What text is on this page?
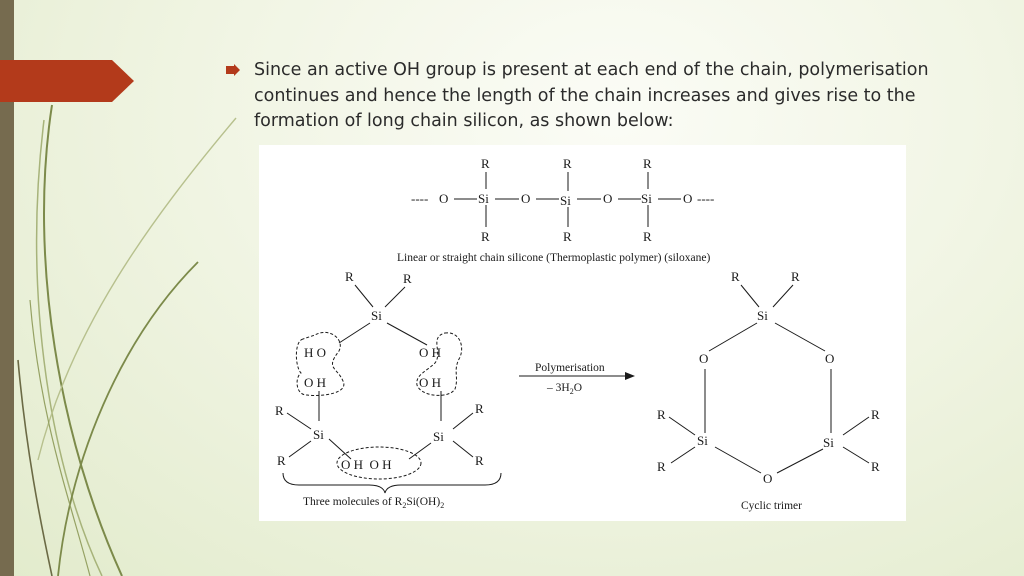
Since an active OH group is present at each end of the chain, polymerisation continues and hence the length of the chain increases and gives rise to the formation of long chain silicon, as shown below:

---- O Si
R
R
O Si
R
R
O Si
R
R
O ----
Linear or straight chain silicone (Thermoplastic polymer) (siloxane)
R	R
Si
H O
O H
O H
O H
R
R
Si
R
R
Si
O H  O H
Three molecules of $R_2Si(OH)_2$
Polymerisation
– $3H_2O$
R	R
Si
O	O
R
R
Si
R
R
Si
O
Cyclic trimer
